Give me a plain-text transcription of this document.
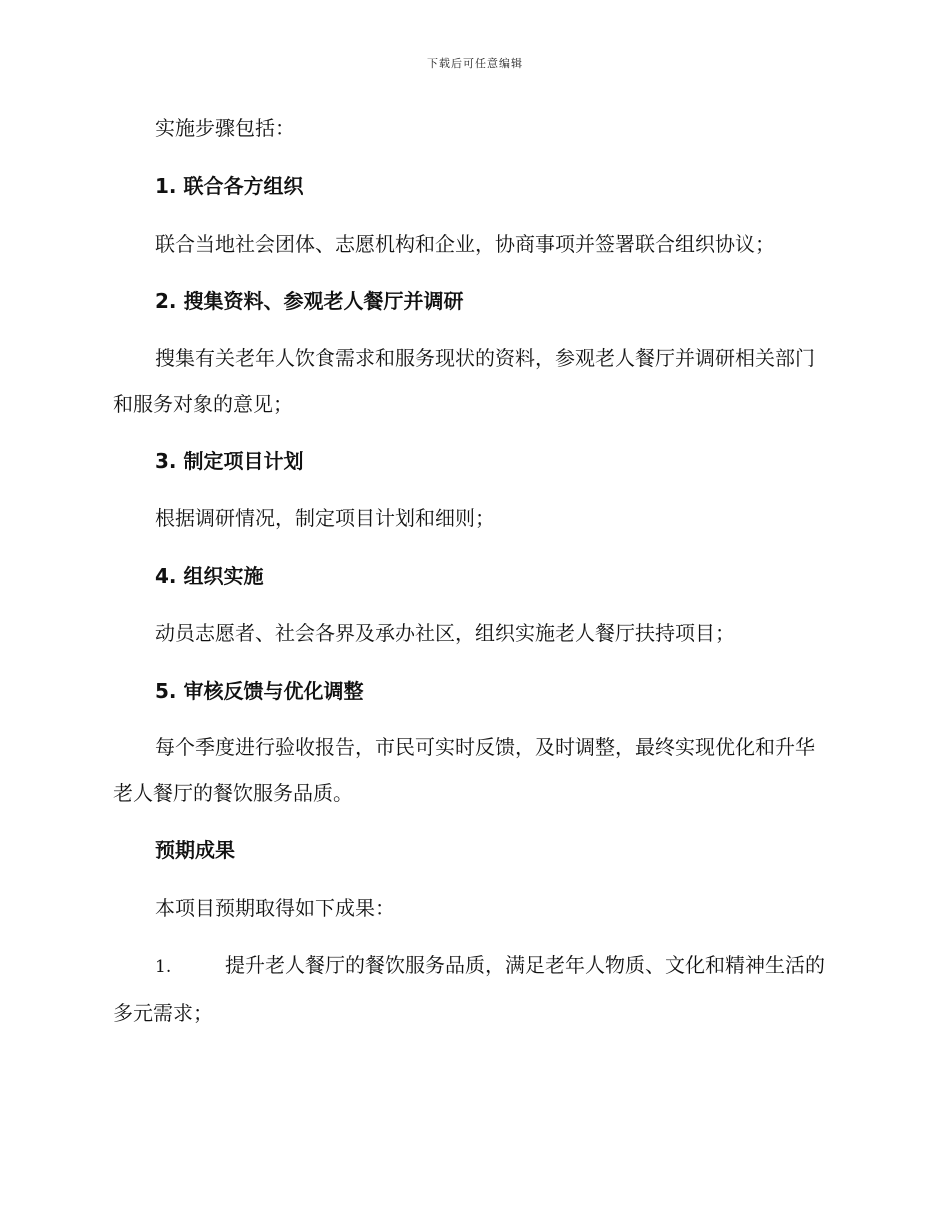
下载后可任意编辑
实施步骤包括：
1. 联合各方组织
联合当地社会团体、志愿机构和企业，协商事项并签署联合组织协议；
2. 搜集资料、参观老人餐厅并调研
搜集有关老年人饮食需求和服务现状的资料，参观老人餐厅并调研相关部门和服务对象的意见；
3. 制定项目计划
根据调研情况，制定项目计划和细则；
4. 组织实施
动员志愿者、社会各界及承办社区，组织实施老人餐厅扶持项目；
5. 审核反馈与优化调整
每个季度进行验收报告，市民可实时反馈，及时调整，最终实现优化和升华老人餐厅的餐饮服务品质。
预期成果
本项目预期取得如下成果：
1.	提升老人餐厅的餐饮服务品质，满足老年人物质、文化和精神生活的多元需求；
